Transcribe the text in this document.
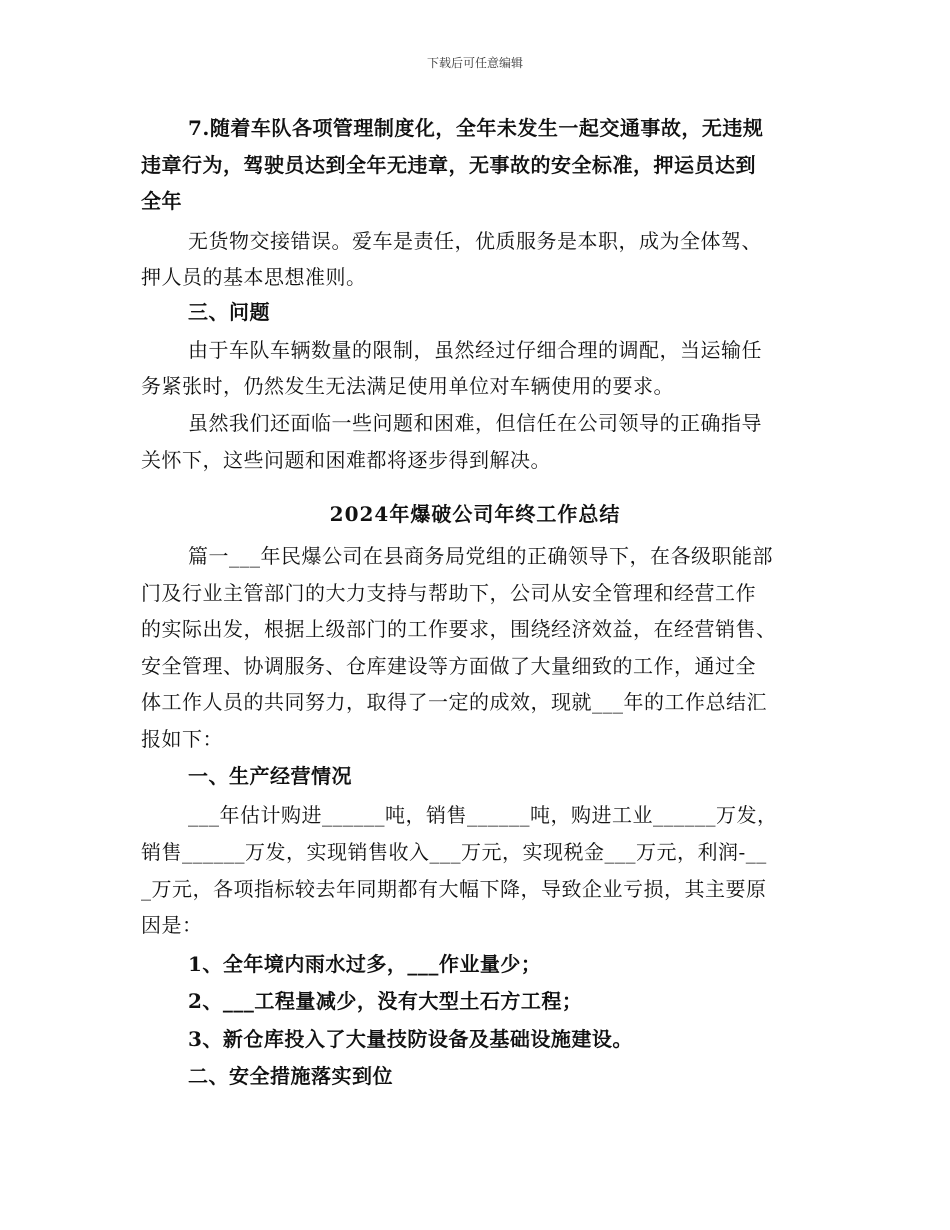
下载后可任意编辑
7.随着车队各项管理制度化，全年未发生一起交通事故，无违规
违章行为，驾驶员达到全年无违章，无事故的安全标准，押运员达到
全年
无货物交接错误。爱车是责任，优质服务是本职，成为全体驾、
押人员的基本思想准则。
三、问题
由于车队车辆数量的限制，虽然经过仔细合理的调配，当运输任
务紧张时，仍然发生无法满足使用单位对车辆使用的要求。
虽然我们还面临一些问题和困难，但信任在公司领导的正确指导
关怀下，这些问题和困难都将逐步得到解决。
2024年爆破公司年终工作总结
篇一___年民爆公司在县商务局党组的正确领导下，在各级职能部
门及行业主管部门的大力支持与帮助下，公司从安全管理和经营工作
的实际出发，根据上级部门的工作要求，围绕经济效益，在经营销售、
安全管理、协调服务、仓库建设等方面做了大量细致的工作，通过全
体工作人员的共同努力，取得了一定的成效，现就___年的工作总结汇
报如下：
一、生产经营情况
___年估计购进______吨，销售______吨，购进工业______万发，
销售______万发，实现销售收入___万元，实现税金___万元，利润-__
_万元，各项指标较去年同期都有大幅下降，导致企业亏损，其主要原
因是：
1、全年境内雨水过多，___作业量少；
2、___工程量减少，没有大型土石方工程；
3、新仓库投入了大量技防设备及基础设施建设。
二、安全措施落实到位
